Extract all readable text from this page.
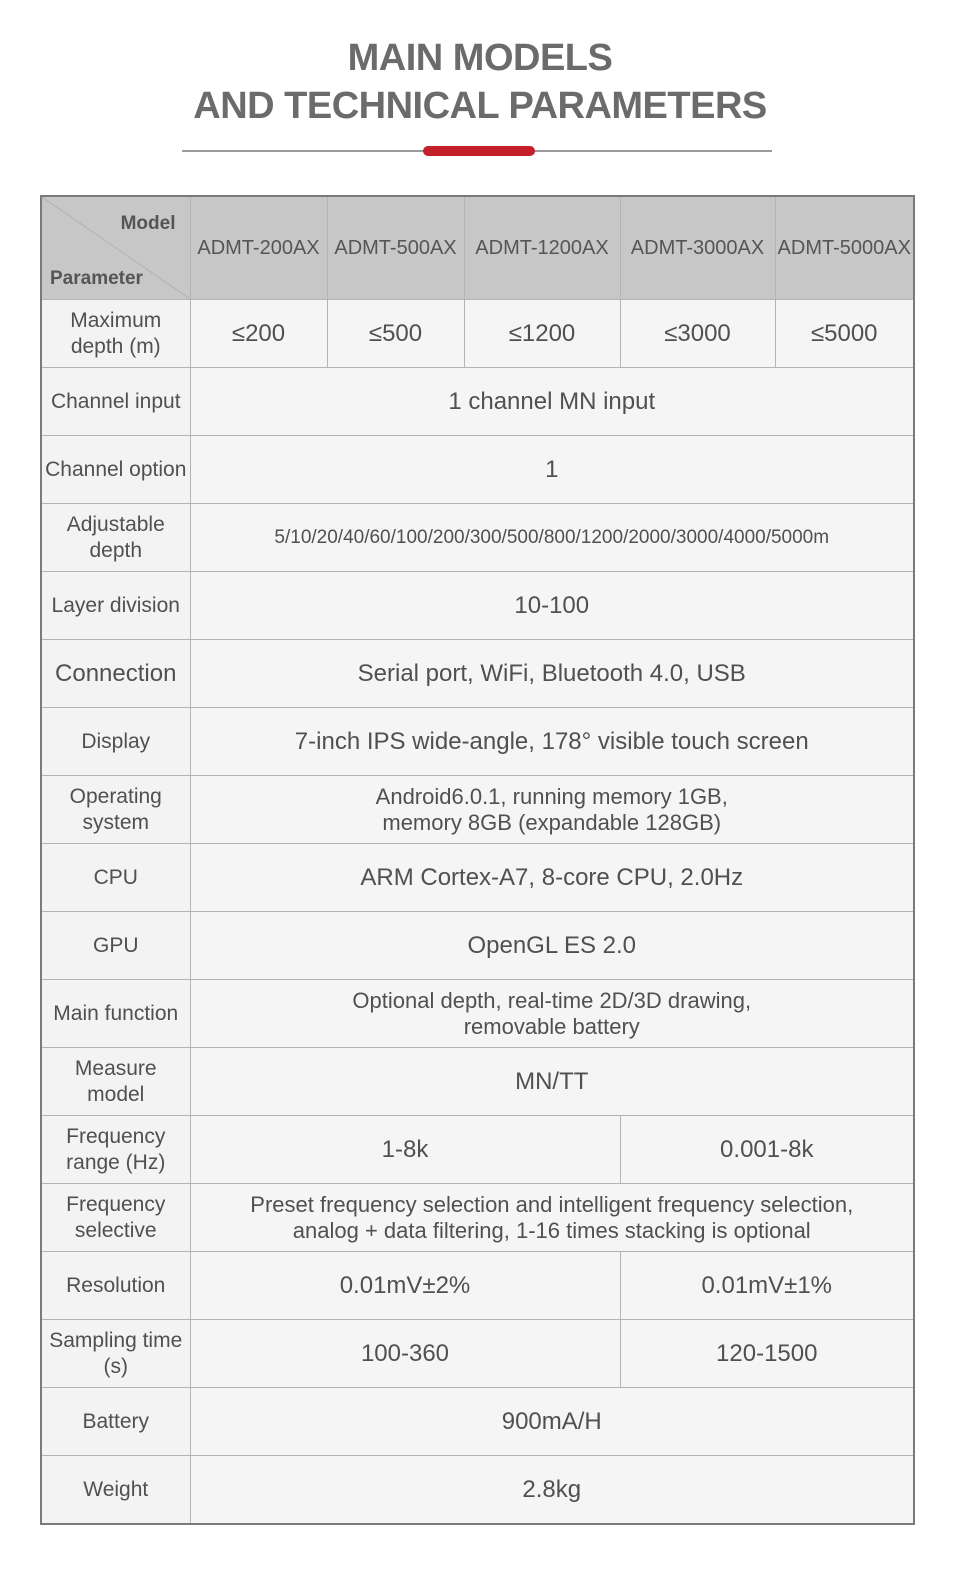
MAIN MODELS
AND TECHNICAL PARAMETERS
Model
Parameter	ADMT-200AX	ADMT-500AX	ADMT-1200AX	ADMT-3000AX	ADMT-5000AX
Maximum depth (m)	≤200	≤500	≤1200	≤3000	≤5000
Channel input	1 channel MN input				
Channel option	1				
Adjustable depth	5/10/20/40/60/100/200/300/500/800/1200/2000/3000/4000/5000m				
Layer division	10-100				
Connection	Serial port, WiFi, Bluetooth 4.0, USB				
Display	7-inch IPS wide-angle, 178° visible touch screen				
Operating system	Android6.0.1, running memory 1GB,
memory 8GB (expandable 128GB)				

CPU	ARM Cortex-A7, 8-core CPU, 2.0Hz				
GPU	OpenGL ES 2.0				
Main function	Optional depth, real-time 2D/3D drawing,
removable battery				

Measure model	MN/TT				
Frequency range (Hz)	1-8k			0.001-8k	
Frequency selective	Preset frequency selection and intelligent frequency selection,
analog + data filtering, 1-16 times stacking is optional				

Resolution	0.01mV±2%			0.01mV±1%	
Sampling time (s)	100-360			120-1500	
Battery	900mA/H				
Weight	2.8kg				
